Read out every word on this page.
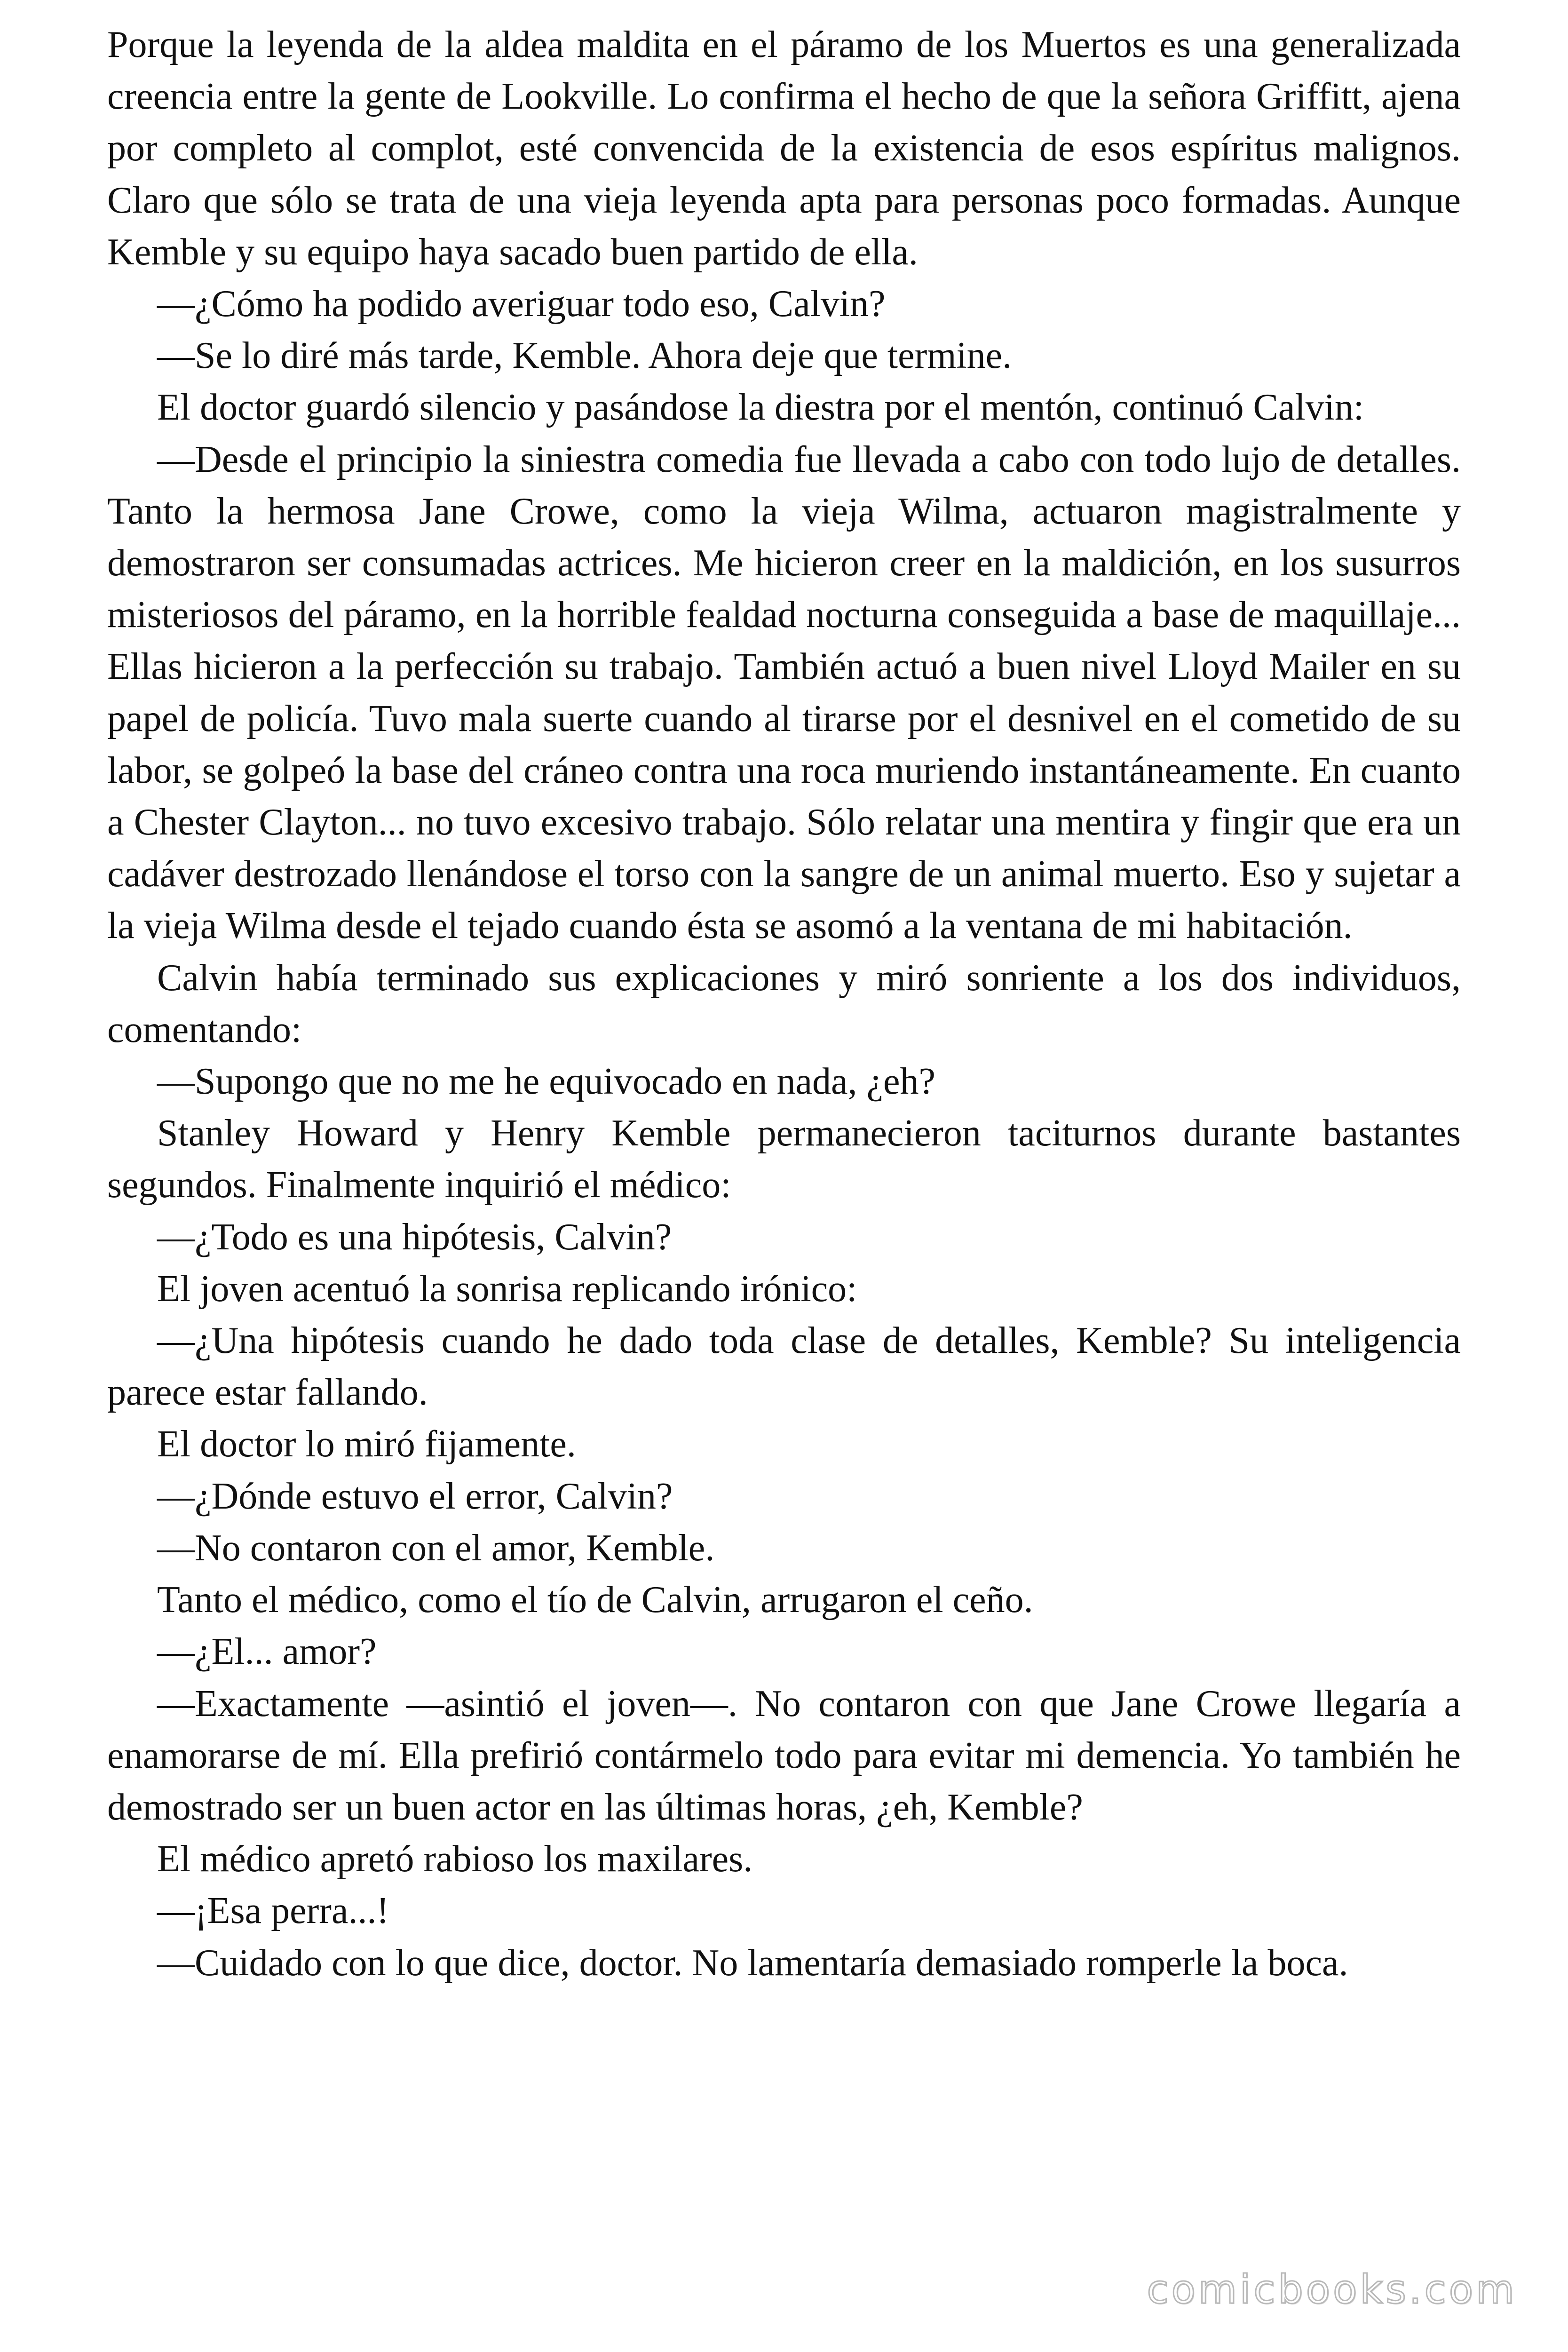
Porque la leyenda de la aldea maldita en el páramo de los Muertos es una generalizada creencia entre la gente de Lookville. Lo confirma el hecho de que la señora Griffitt, ajena por completo al complot, esté convencida de la existencia de esos espíritus malignos. Claro que sólo se trata de una vieja leyenda apta para personas poco formadas. Aunque Kemble y su equipo haya sacado buen partido de ella.

—¿Cómo ha podido averiguar todo eso, Calvin?

—Se lo diré más tarde, Kemble. Ahora deje que termine.

El doctor guardó silencio y pasándose la diestra por el mentón, continuó Calvin:

—Desde el principio la siniestra comedia fue llevada a cabo con todo lujo de detalles. Tanto la hermosa Jane Crowe, como la vieja Wilma, actuaron magistralmente y demostraron ser consumadas actrices. Me hicieron creer en la maldición, en los susurros misteriosos del páramo, en la horrible fealdad nocturna conseguida a base de maquillaje... Ellas hicieron a la perfección su trabajo. También actuó a buen nivel Lloyd Mailer en su papel de policía. Tuvo mala suerte cuando al tirarse por el desnivel en el cometido de su labor, se golpeó la base del cráneo contra una roca muriendo instantáneamente. En cuanto a Chester Clayton... no tuvo excesivo trabajo. Sólo relatar una mentira y fingir que era un cadáver destrozado llenándose el torso con la sangre de un animal muerto. Eso y sujetar a la vieja Wilma desde el tejado cuando ésta se asomó a la ventana de mi habitación.

Calvin había terminado sus explicaciones y miró sonriente a los dos individuos, comentando:

—Supongo que no me he equivocado en nada, ¿eh?

Stanley Howard y Henry Kemble permanecieron taciturnos durante bastantes segundos. Finalmente inquirió el médico:

—¿Todo es una hipótesis, Calvin?

El joven acentuó la sonrisa replicando irónico:

—¿Una hipótesis cuando he dado toda clase de detalles, Kemble? Su inteligencia parece estar fallando.

El doctor lo miró fijamente.

—¿Dónde estuvo el error, Calvin?

—No contaron con el amor, Kemble.

Tanto el médico, como el tío de Calvin, arrugaron el ceño.

—¿El... amor?

—Exactamente —asintió el joven—. No contaron con que Jane Crowe llegaría a enamorarse de mí. Ella prefirió contármelo todo para evitar mi demencia. Yo también he demostrado ser un buen actor en las últimas horas, ¿eh, Kemble?

El médico apretó rabioso los maxilares.

—¡Esa perra...!

—Cuidado con lo que dice, doctor. No lamentaría demasiado romperle la boca.

comicbooks.com
